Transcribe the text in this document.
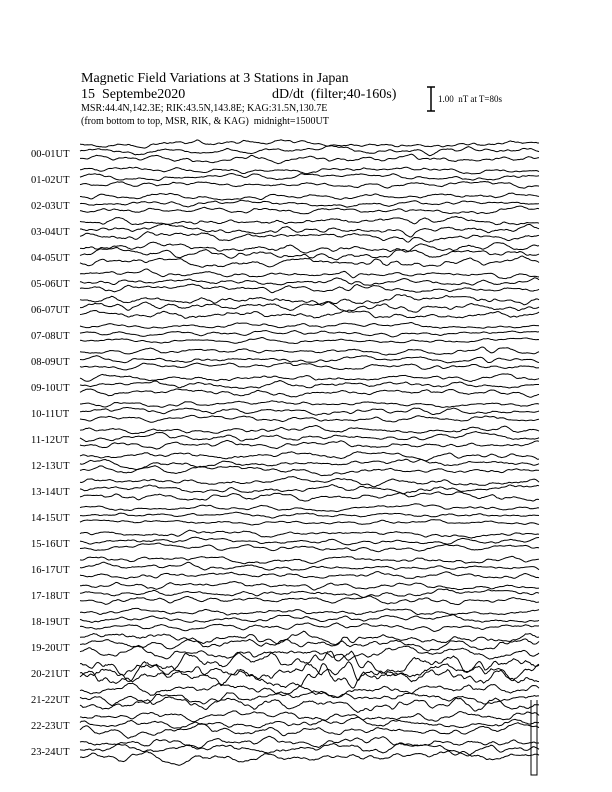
Magnetic Field Variations at 3 Stations in Japan
15  Septembe2020	dD/dt  (filter;40-160s)
MSR:44.4N,142.3E; RIK:43.5N,143.8E; KAG:31.5N,130.7E
(from bottom to top, MSR, RIK, & KAG)  midnight=1500UT
1.00  nT at T=80s
00-01UT
01-02UT
02-03UT
03-04UT
04-05UT
05-06UT
06-07UT
07-08UT
08-09UT
09-10UT
10-11UT
11-12UT
12-13UT
13-14UT
14-15UT
15-16UT
16-17UT
17-18UT
18-19UT
19-20UT
20-21UT
21-22UT
22-23UT
23-24UT
